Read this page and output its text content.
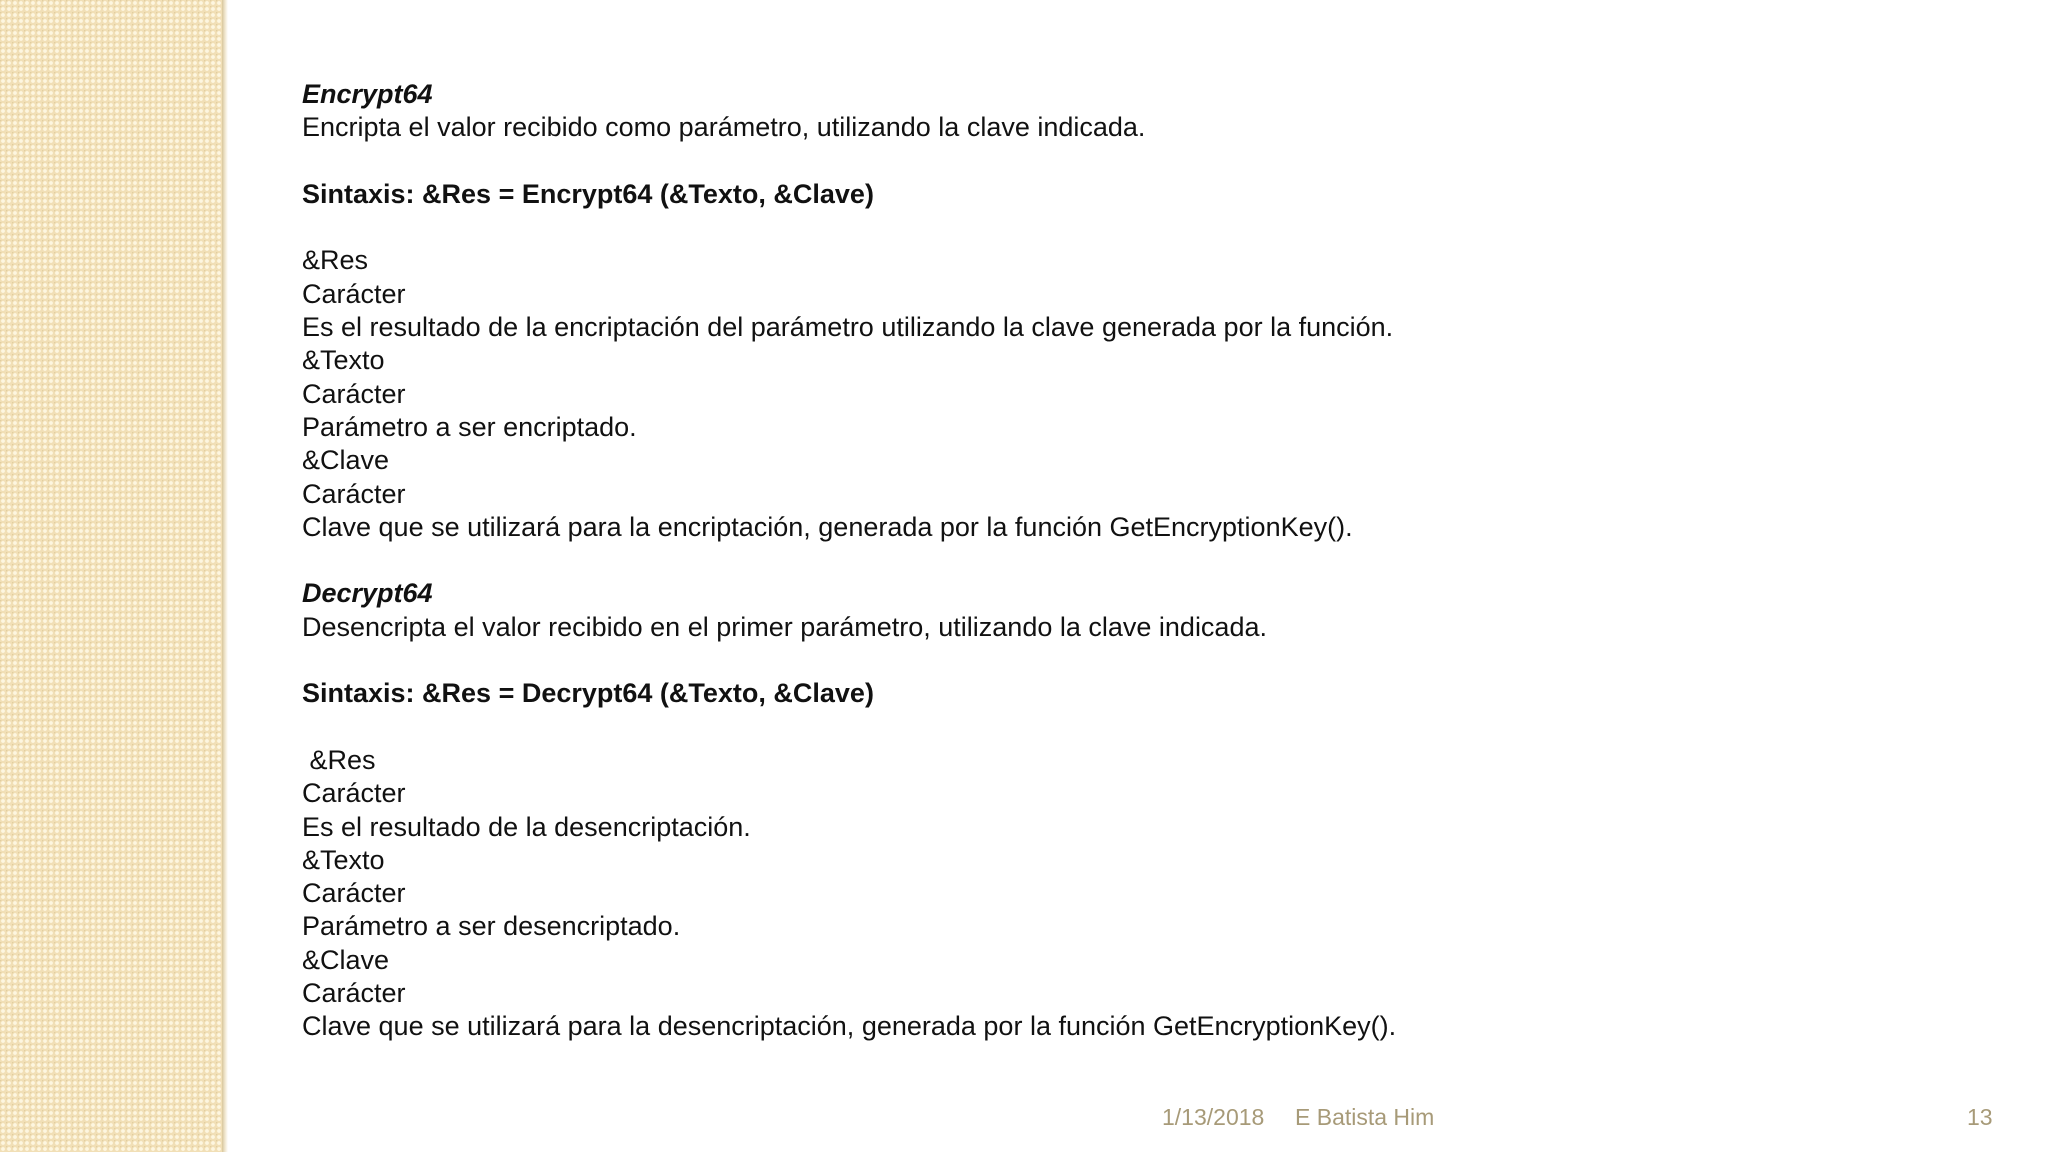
Encrypt64
Encripta el valor recibido como parámetro, utilizando la clave indicada.
Sintaxis: &Res = Encrypt64 (&Texto, &Clave)
&Res
Carácter
Es el resultado de la encriptación del parámetro utilizando la clave generada por la función.
&Texto
Carácter
Parámetro a ser encriptado.
&Clave
Carácter
Clave que se utilizará para la encriptación, generada por la función GetEncryptionKey().
Decrypt64
Desencripta el valor recibido en el primer parámetro, utilizando la clave indicada.
Sintaxis: &Res = Decrypt64 (&Texto, &Clave)
&Res
Carácter
Es el resultado de la desencriptación.
&Texto
Carácter
Parámetro a ser desencriptado.
&Clave
Carácter
Clave que se utilizará para la desencriptación, generada por la función GetEncryptionKey().
1/13/2018 E Batista Him	13
